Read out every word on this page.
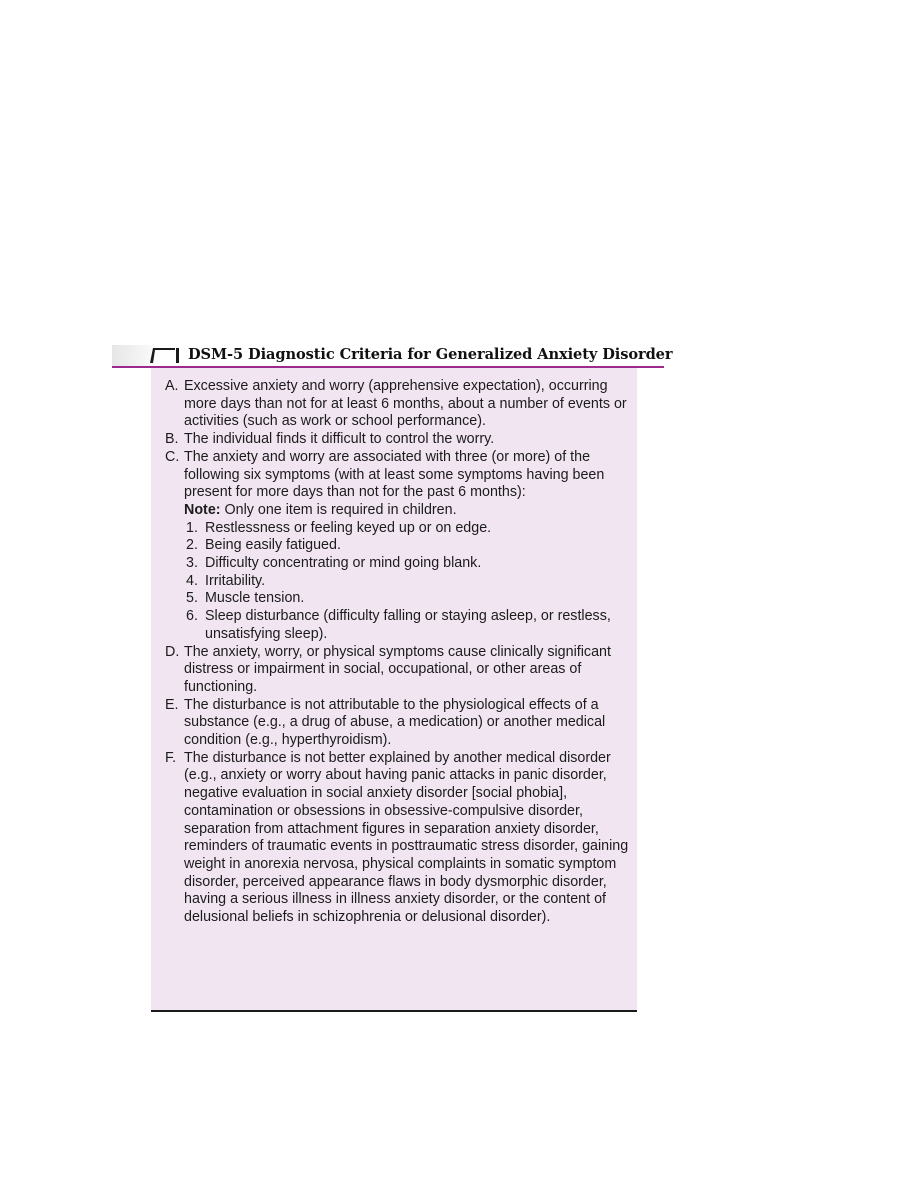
DSM-5 Diagnostic Criteria for Generalized Anxiety Disorder
A. Excessive anxiety and worry (apprehensive expectation), occurring more days than not for at least 6 months, about a number of events or activities (such as work or school performance).
B. The individual finds it difficult to control the worry.
C. The anxiety and worry are associated with three (or more) of the following six symptoms (with at least some symptoms having been present for more days than not for the past 6 months):
Note: Only one item is required in children.
1. Restlessness or feeling keyed up or on edge.
2. Being easily fatigued.
3. Difficulty concentrating or mind going blank.
4. Irritability.
5. Muscle tension.
6. Sleep disturbance (difficulty falling or staying asleep, or restless, unsatisfying sleep).
D. The anxiety, worry, or physical symptoms cause clinically significant distress or impairment in social, occupational, or other areas of functioning.
E. The disturbance is not attributable to the physiological effects of a substance (e.g., a drug of abuse, a medication) or another medical condition (e.g., hyperthyroidism).
F. The disturbance is not better explained by another medical disorder (e.g., anxiety or worry about having panic attacks in panic disorder, negative evaluation in social anxiety disorder [social phobia], contamination or obsessions in obsessive-compulsive disorder, separation from attachment figures in separation anxiety disorder, reminders of traumatic events in posttraumatic stress disorder, gaining weight in anorexia nervosa, physical complaints in somatic symptom disorder, perceived appearance flaws in body dysmorphic disorder, having a serious illness in illness anxiety disorder, or the content of delusional beliefs in schizophrenia or delusional disorder).
